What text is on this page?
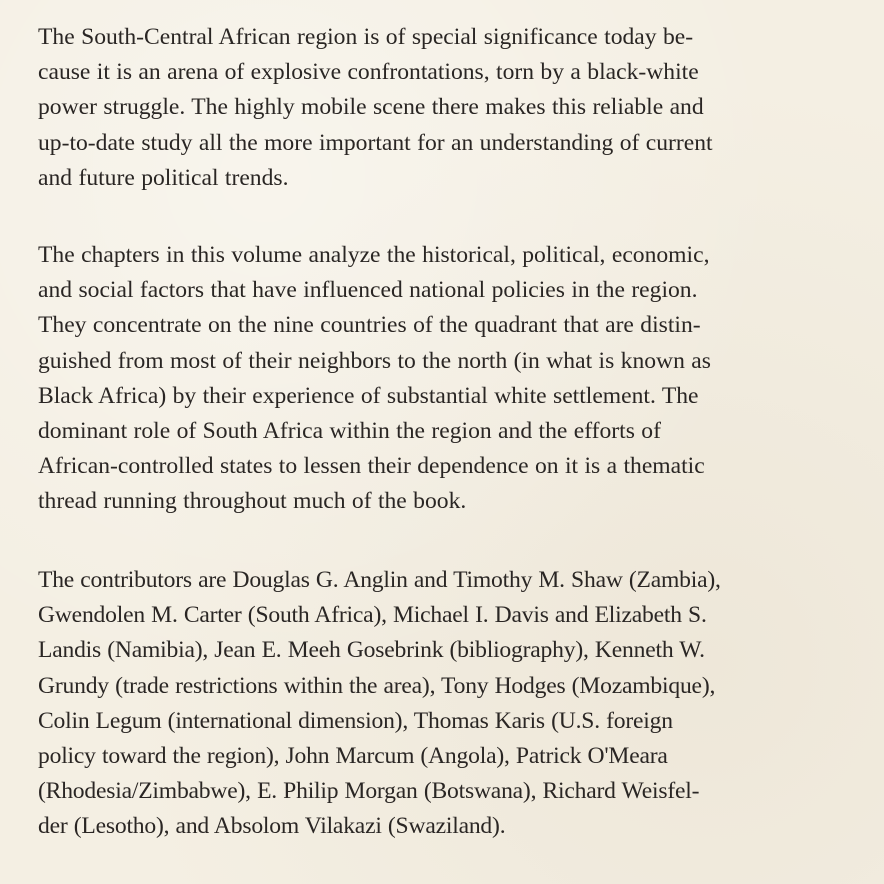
The South-Central African region is of special significance today be-
cause it is an arena of explosive confrontations, torn by a black-white
power struggle. The highly mobile scene there makes this reliable and
up-to-date study all the more important for an understanding of current
and future political trends.
The chapters in this volume analyze the historical, political, economic,
and social factors that have influenced national policies in the region.
They concentrate on the nine countries of the quadrant that are distin-
guished from most of their neighbors to the north (in what is known as
Black Africa) by their experience of substantial white settlement. The
dominant role of South Africa within the region and the efforts of
African-controlled states to lessen their dependence on it is a thematic
thread running throughout much of the book.
The contributors are Douglas G. Anglin and Timothy M. Shaw (Zambia),
Gwendolen M. Carter (South Africa), Michael I. Davis and Elizabeth S.
Landis (Namibia), Jean E. Meeh Gosebrink (bibliography), Kenneth W.
Grundy (trade restrictions within the area), Tony Hodges (Mozambique),
Colin Legum (international dimension), Thomas Karis (U.S. foreign
policy toward the region), John Marcum (Angola), Patrick O'Meara
(Rhodesia/Zimbabwe), E. Philip Morgan (Botswana), Richard Weisfel-
der (Lesotho), and Absolom Vilakazi (Swaziland).
